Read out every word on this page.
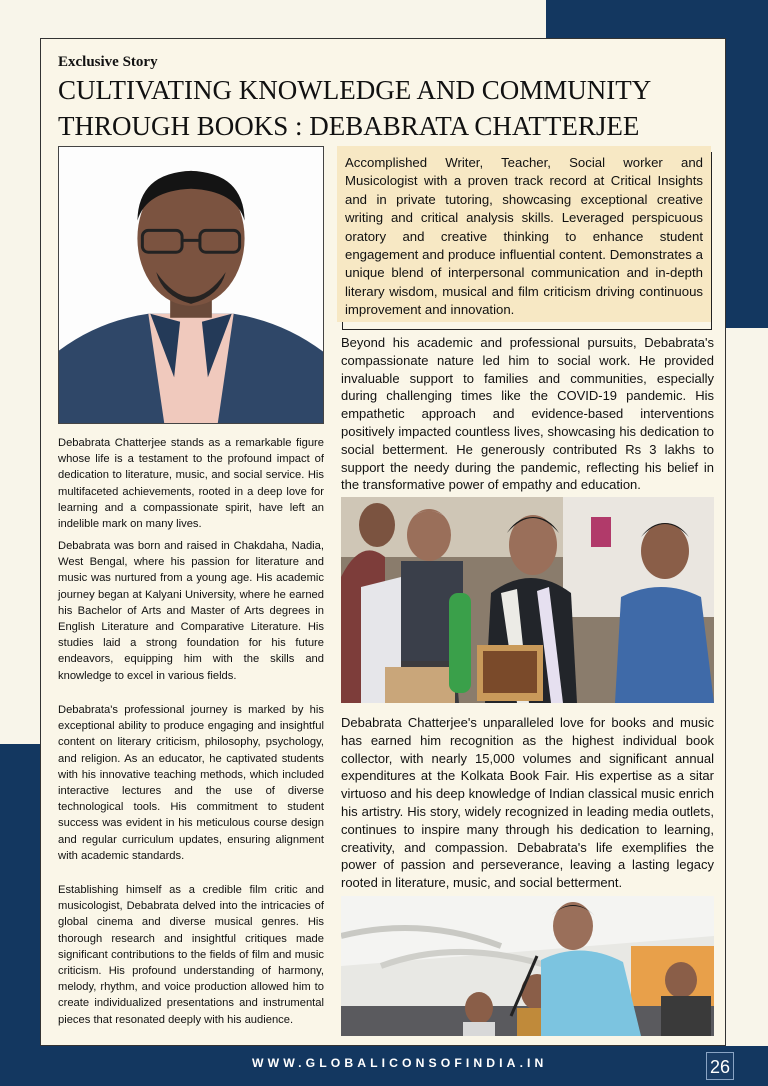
Exclusive Story
CULTIVATING KNOWLEDGE AND COMMUNITY THROUGH BOOKS : DEBABRATA CHATTERJEE
Accomplished Writer, Teacher, Social worker and Musicologist with a proven track record at Critical Insights and in private tutoring, showcasing exceptional creative writing and critical analysis skills. Leveraged perspicuous oratory and creative thinking to enhance student engagement and produce influential content. Demonstrates a unique blend of interpersonal communication and in-depth literary wisdom, musical and film criticism driving continuous improvement and innovation.

Debabrata Chatterjee stands as a remarkable figure whose life is a testament to the profound impact of dedication to literature, music, and social service. His multifaceted achievements, rooted in a deep love for learning and a compassionate spirit, have left an indelible mark on many lives.

Debabrata was born and raised in Chakdaha, Nadia, West Bengal, where his passion for literature and music was nurtured from a young age. His academic journey began at Kalyani University, where he earned his Bachelor of Arts and Master of Arts degrees in English Literature and Comparative Literature. His studies laid a strong foundation for his future endeavors, equipping him with the skills and knowledge to excel in various fields.

Debabrata's professional journey is marked by his exceptional ability to produce engaging and insightful content on literary criticism, philosophy, psychology, and religion. As an educator, he captivated students with his innovative teaching methods, which included interactive lectures and the use of diverse technological tools. His commitment to student success was evident in his meticulous course design and regular curriculum updates, ensuring alignment with academic standards.

Establishing himself as a credible film critic and musicologist, Debabrata delved into the intricacies of global cinema and diverse musical genres. His thorough research and insightful critiques made significant contributions to the fields of film and music criticism. His profound understanding of harmony, melody, rhythm, and voice production allowed him to create individualized presentations and instrumental pieces that resonated deeply with his audience.

Beyond his academic and professional pursuits, Debabrata's compassionate nature led him to social work. He provided invaluable support to families and communities, especially during challenging times like the COVID-19 pandemic. His empathetic approach and evidence-based interventions positively impacted countless lives, showcasing his dedication to social betterment. He generously contributed Rs 3 lakhs to support the needy during the pandemic, reflecting his belief in the transformative power of empathy and education.

Debabrata Chatterjee's unparalleled love for books and music has earned him recognition as the highest individual book collector, with nearly 15,000 volumes and significant annual expenditures at the Kolkata Book Fair. His expertise as a sitar virtuoso and his deep knowledge of Indian classical music enrich his artistry. His story, widely recognized in leading media outlets, continues to inspire many through his dedication to learning, creativity, and compassion. Debabrata's life exemplifies the power of passion and perseverance, leaving a lasting legacy rooted in literature, music, and social betterment.

WWW.GLOBALICONSOFINDIA.IN	26
